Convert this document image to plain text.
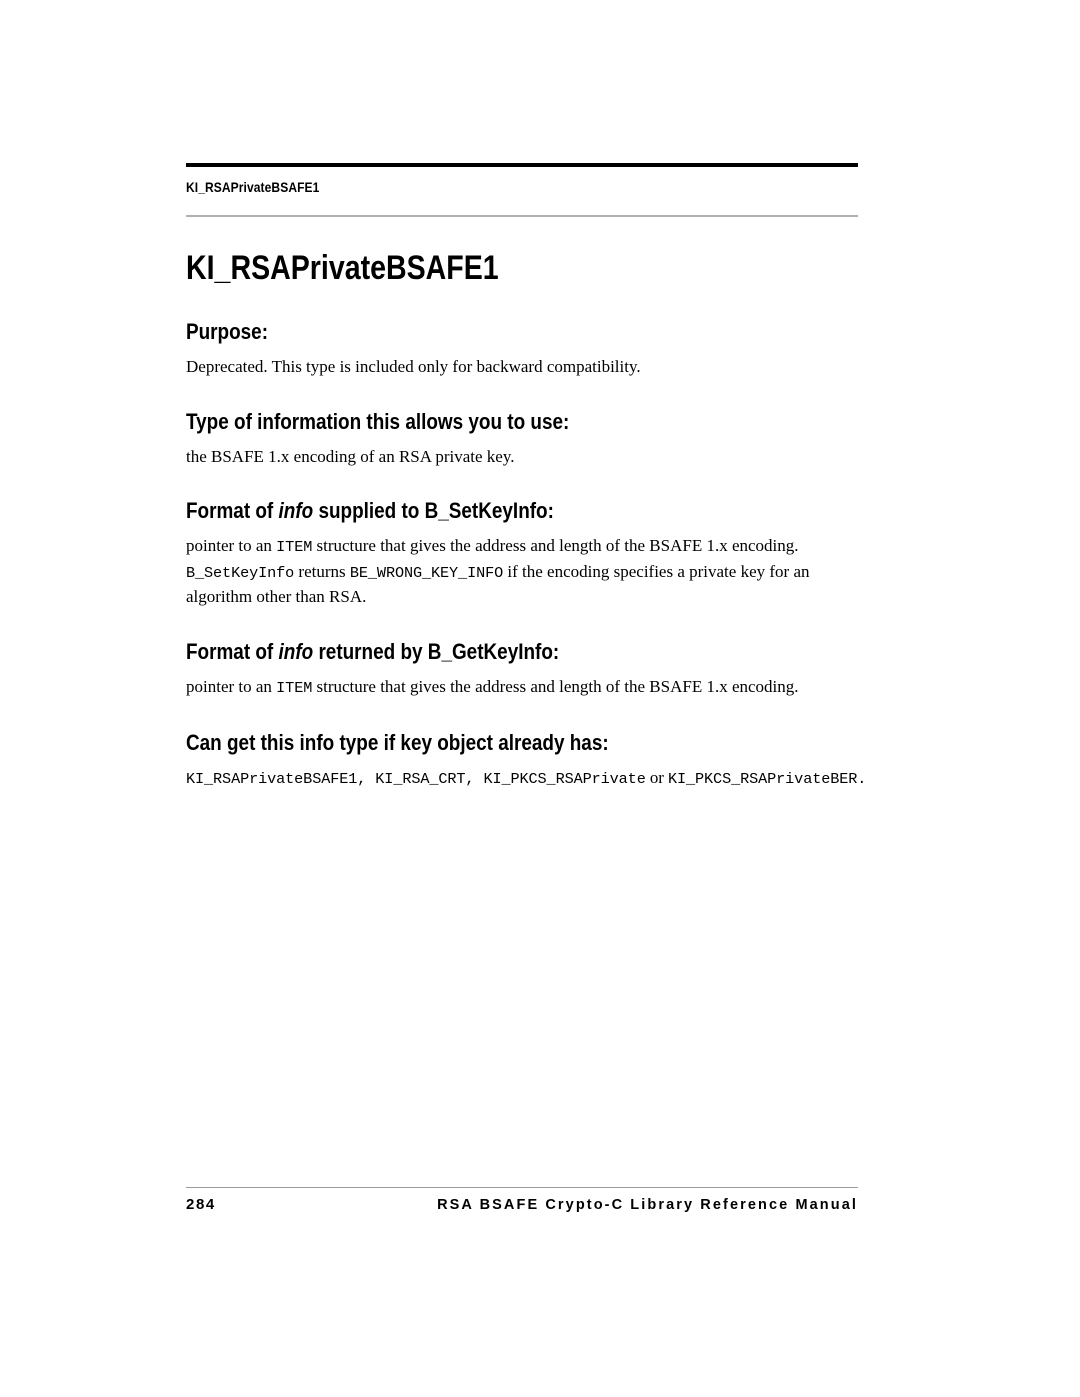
KI_RSAPrivateBSAFE1
KI_RSAPrivateBSAFE1
Purpose:

Deprecated. This type is included only for backward compatibility.

Type of information this allows you to use:

the BSAFE 1.x encoding of an RSA private key.

Format of info supplied to B_SetKeyInfo:

pointer to an ITEM structure that gives the address and length of the BSAFE 1.x encoding. B_SetKeyInfo returns BE_WRONG_KEY_INFO if the encoding specifies a private key for an algorithm other than RSA.

Format of info returned by B_GetKeyInfo:

pointer to an ITEM structure that gives the address and length of the BSAFE 1.x encoding.

Can get this info type if key object already has:

KI_RSAPrivateBSAFE1, KI_RSA_CRT, KI_PKCS_RSAPrivate or KI_PKCS_RSAPrivateBER.

284	RSA BSAFE Crypto-C Library Reference Manual
